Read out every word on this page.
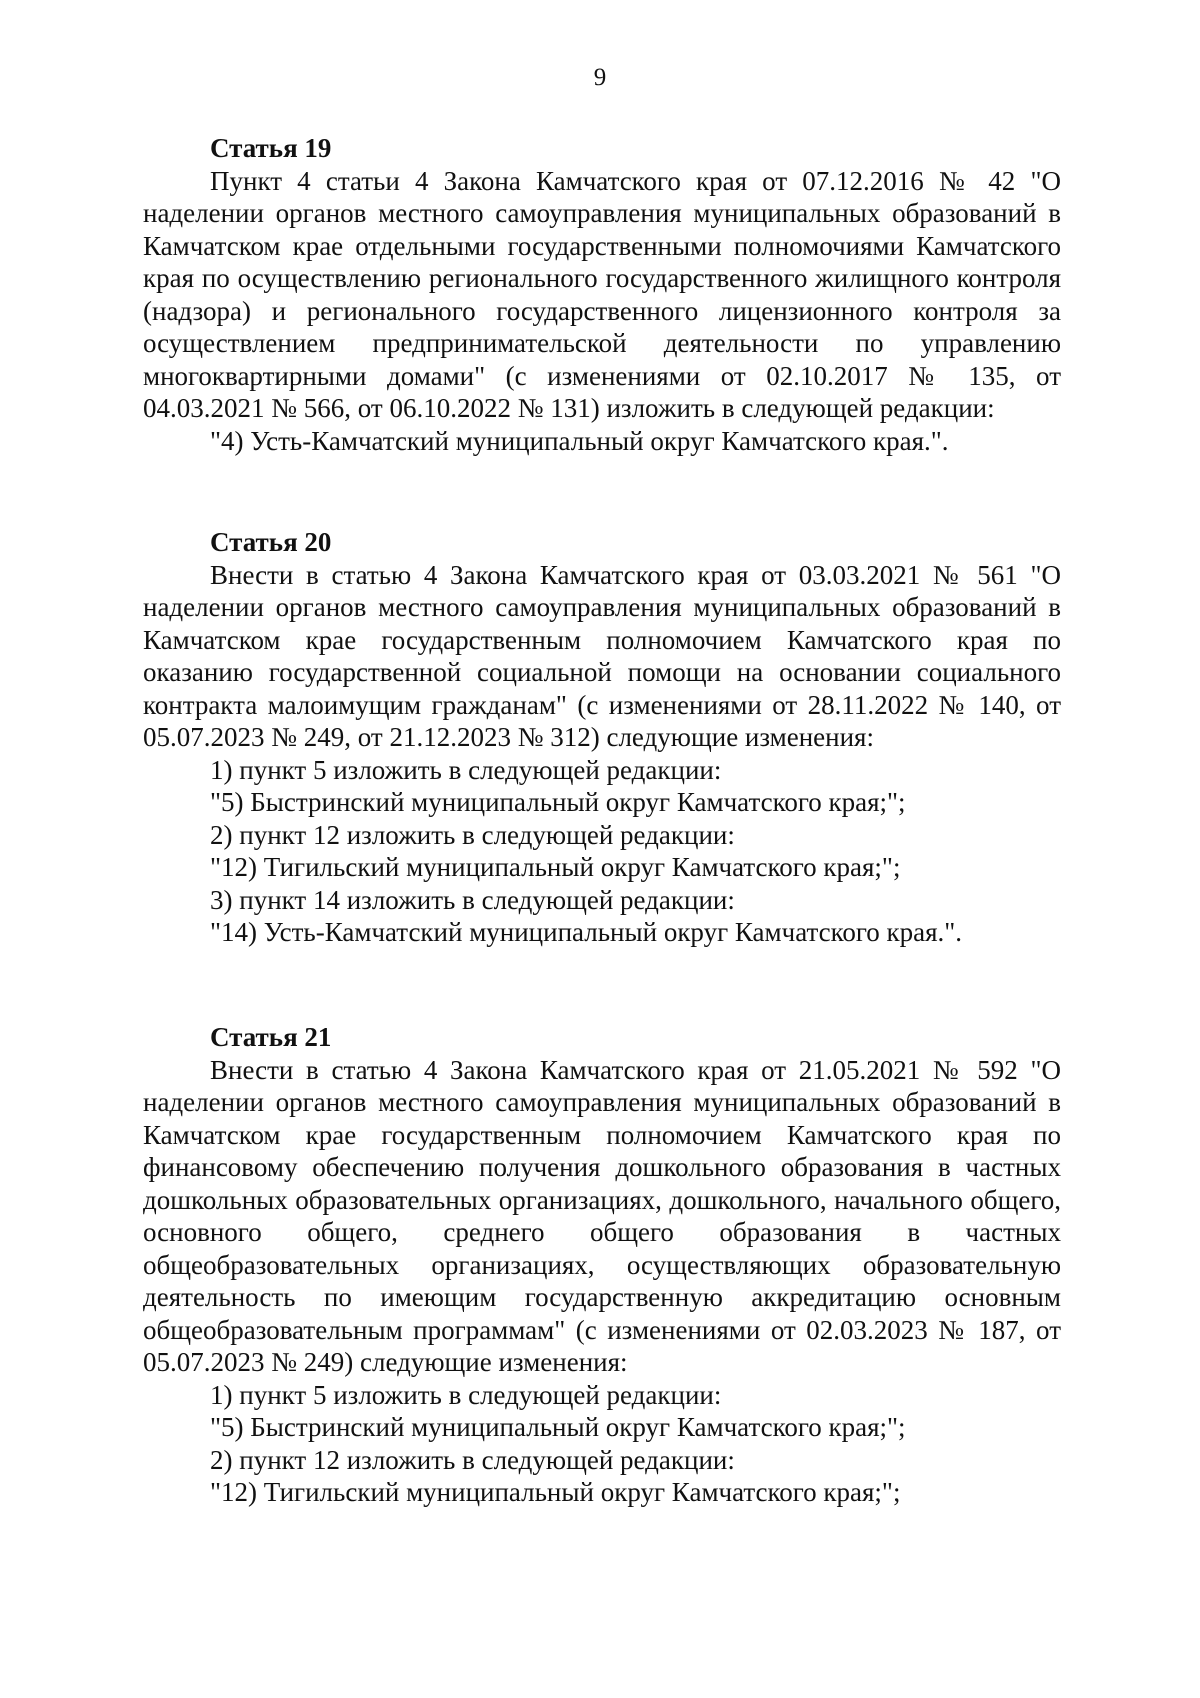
9
Статья 19

Пункт 4 статьи 4 Закона Камчатского края от 07.12.2016 № 42 "О наделении органов местного самоуправления муниципальных образований в Камчатском крае отдельными государственными полномочиями Камчатского края по осуществлению регионального государственного жилищного контроля (надзора) и регионального государственного лицензионного контроля за осуществлением предпринимательской деятельности по управлению многоквартирными домами" (с изменениями от 02.10.2017 № 135, от 04.03.2021 № 566, от 06.10.2022 № 131) изложить в следующей редакции:

"4) Усть-Камчатский муниципальный округ Камчатского края.".

Статья 20

Внести в статью 4 Закона Камчатского края от 03.03.2021 № 561 "О наделении органов местного самоуправления муниципальных образований в Камчатском крае государственным полномочием Камчатского края по оказанию государственной социальной помощи на основании социального контракта малоимущим гражданам" (с изменениями от 28.11.2022 № 140, от 05.07.2023 № 249, от 21.12.2023 № 312) следующие изменения:

1) пункт 5 изложить в следующей редакции:

"5) Быстринский муниципальный округ Камчатского края;";

2) пункт 12 изложить в следующей редакции:

"12) Тигильский муниципальный округ Камчатского края;";

3) пункт 14 изложить в следующей редакции:

"14) Усть-Камчатский муниципальный округ Камчатского края.".

Статья 21

Внести в статью 4 Закона Камчатского края от 21.05.2021 № 592 "О наделении органов местного самоуправления муниципальных образований в Камчатском крае государственным полномочием Камчатского края по финансовому обеспечению получения дошкольного образования в частных дошкольных образовательных организациях, дошкольного, начального общего, основного общего, среднего общего образования в частных общеобразовательных организациях, осуществляющих образовательную деятельность по имеющим государственную аккредитацию основным общеобразовательным программам" (с изменениями от 02.03.2023 № 187, от 05.07.2023 № 249) следующие изменения:

1) пункт 5 изложить в следующей редакции:

"5) Быстринский муниципальный округ Камчатского края;";

2) пункт 12 изложить в следующей редакции:

"12) Тигильский муниципальный округ Камчатского края;";
